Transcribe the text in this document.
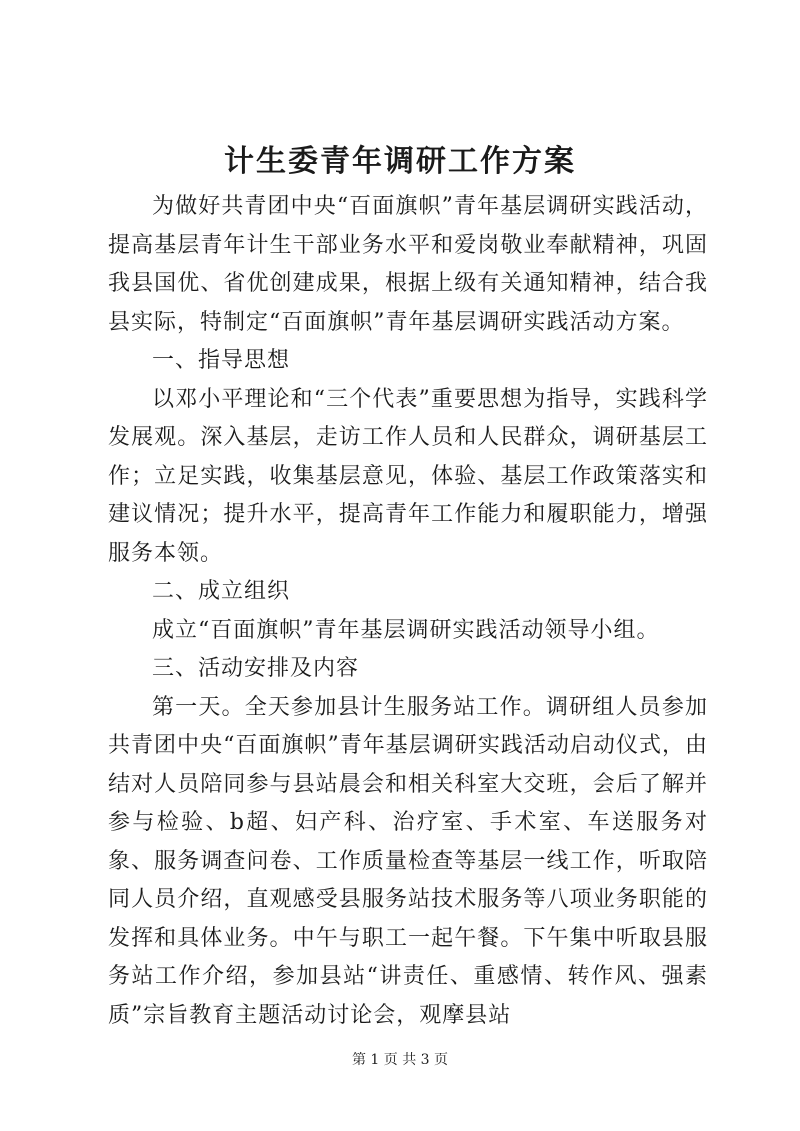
计生委青年调研工作方案

为做好共青团中央“百面旗帜”青年基层调研实践活动，提高基层青年计生干部业务水平和爱岗敬业奉献精神，巩固我县国优、省优创建成果，根据上级有关通知精神，结合我县实际，特制定“百面旗帜”青年基层调研实践活动方案。

一、指导思想

以邓小平理论和“三个代表”重要思想为指导，实践科学发展观。深入基层，走访工作人员和人民群众，调研基层工作；立足实践，收集基层意见，体验、基层工作政策落实和建议情况；提升水平，提高青年工作能力和履职能力，增强服务本领。

二、成立组织

成立“百面旗帜”青年基层调研实践活动领导小组。

三、活动安排及内容

第一天。全天参加县计生服务站工作。调研组人员参加共青团中央“百面旗帜”青年基层调研实践活动启动仪式，由结对人员陪同参与县站晨会和相关科室大交班，会后了解并参与检验、b超、妇产科、治疗室、手术室、车送服务对象、服务调查问卷、工作质量检查等基层一线工作，听取陪同人员介绍，直观感受县服务站技术服务等八项业务职能的发挥和具体业务。中午与职工一起午餐。下午集中听取县服务站工作介绍，参加县站“讲责任、重感情、转作风、强素质”宗旨教育主题活动讨论会，观摩县站

第 1 页 共 3 页
